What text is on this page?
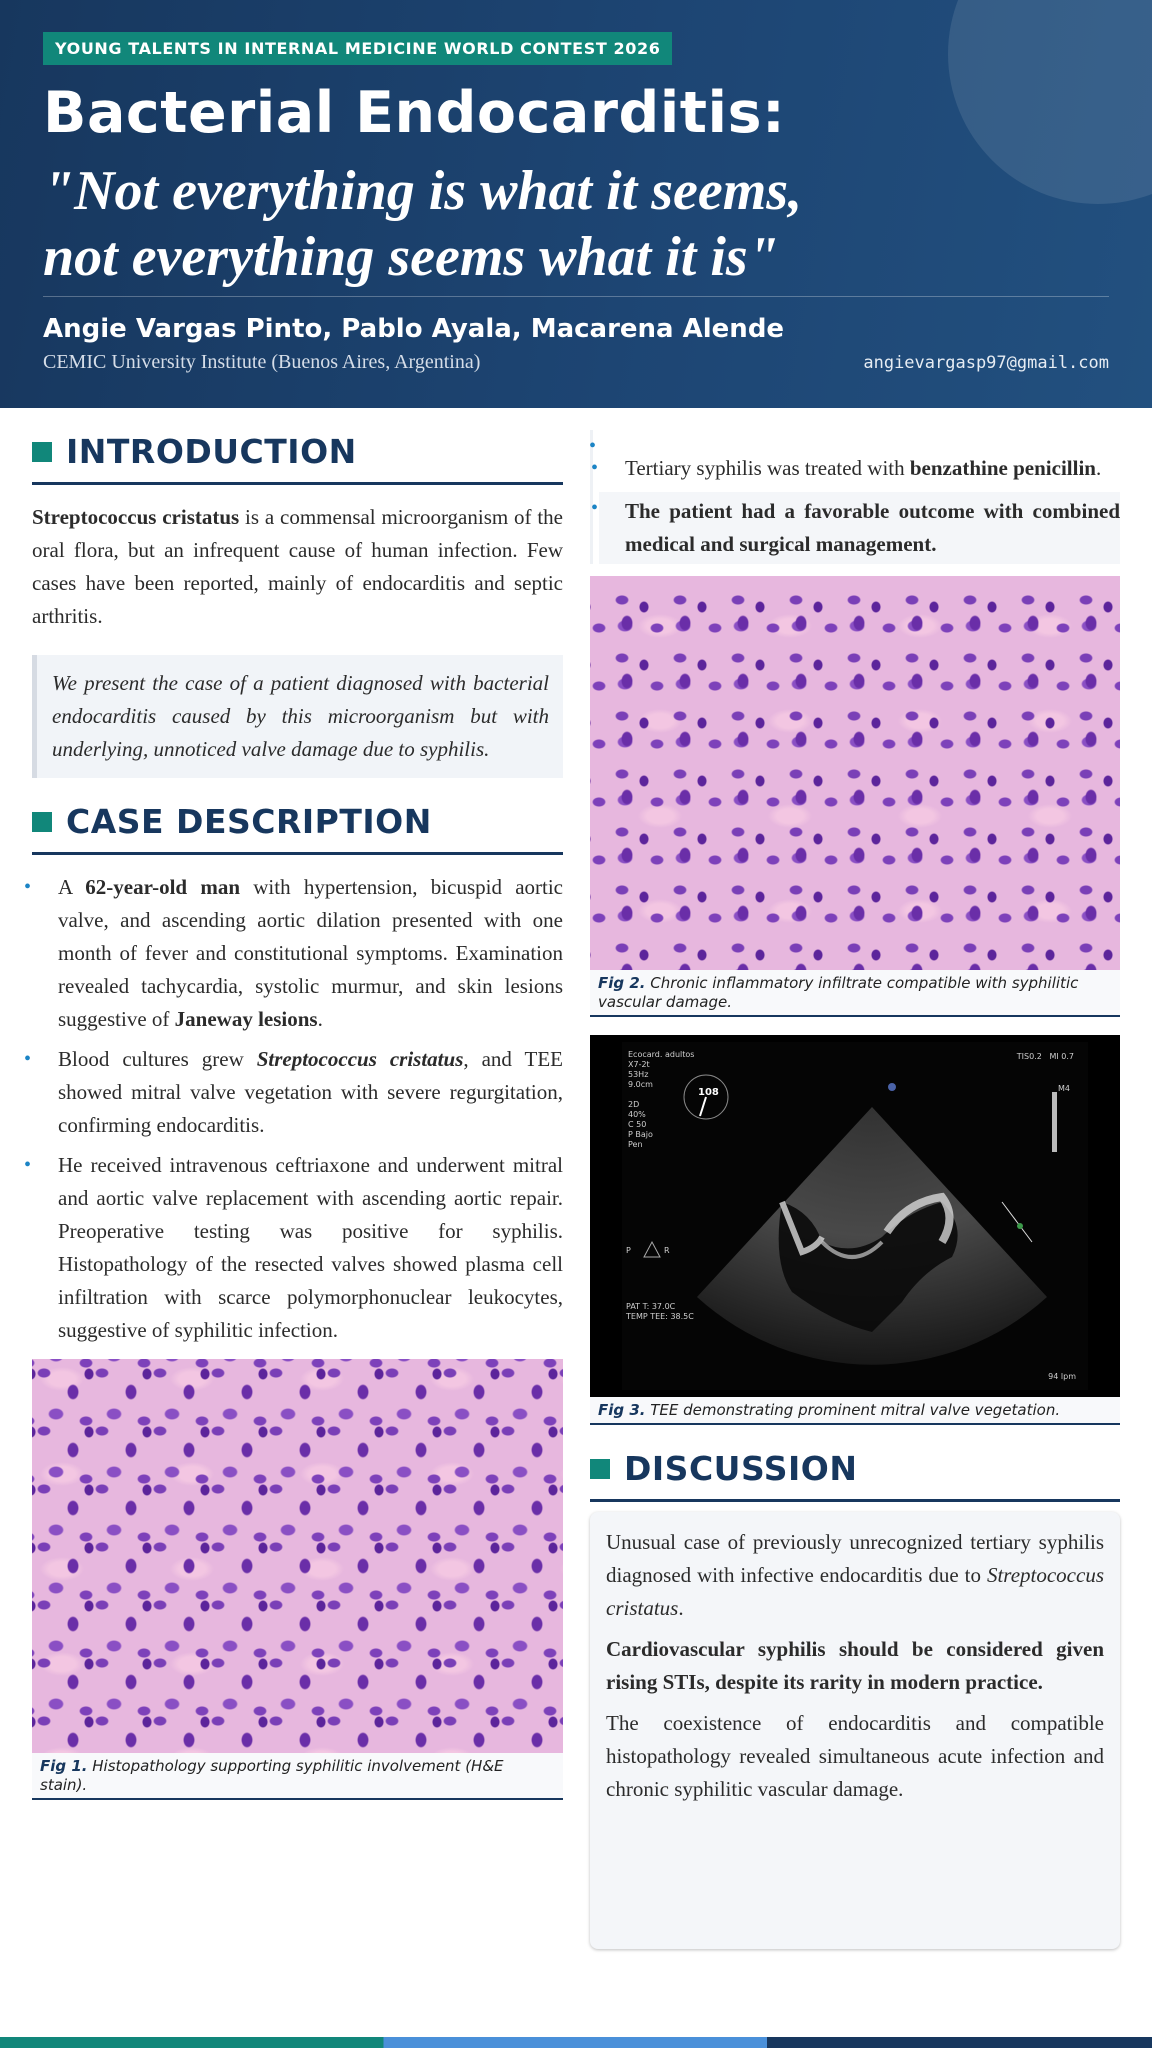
YOUNG TALENTS IN INTERNAL MEDICINE WORLD CONTEST 2026
Bacterial Endocarditis:
"Not everything is what it seems,
not everything seems what it is"
Angie Vargas Pinto, Pablo Ayala, Macarena Alende
CEMIC University Institute (Buenos Aires, Argentina)	angievargasp97@gmail.com
INTRODUCTION

Streptococcus cristatus is a commensal microorganism of the oral flora, but an infrequent cause of human infection. Few cases have been reported, mainly of endocarditis and septic arthritis.

We present the case of a patient diagnosed with bacterial endocarditis caused by this microorganism but with underlying, unnoticed valve damage due to syphilis.
CASE DESCRIPTION
• A 62-year-old man with hypertension, bicuspid aortic valve, and ascending aortic dilation presented with one month of fever and constitutional symptoms. Examination revealed tachycardia, systolic murmur, and skin lesions suggestive of Janeway lesions.
• Blood cultures grew Streptococcus cristatus, and TEE showed mitral valve vegetation with severe regurgitation, confirming endocarditis.
• He received intravenous ceftriaxone and underwent mitral and aortic valve replacement with ascending aortic repair. Preoperative testing was positive for syphilis. Histopathology of the resected valves showed plasma cell infiltration with scarce polymorphonuclear leukocytes, suggestive of syphilitic infection.
Fig 1. Histopathology supporting syphilitic involvement (H&E stain).
•

• Tertiary syphilis was treated with benzathine penicillin.
• The patient had a favorable outcome with combined medical and surgical management.
Fig 2. Chronic inflammatory infiltrate compatible with syphilitic vascular damage.
Ecocard. adultos
X7-2t
53Hz
9.0cm

2D
40%
C 50
P Bajo
Pen
TIS0.2   MI 0.7
M4
108
PAT T: 37.0C
TEMP TEE: 38.5C
94 lpm
P	R
Fig 3. TEE demonstrating prominent mitral valve vegetation.
DISCUSSION

Unusual case of previously unrecognized tertiary syphilis diagnosed with infective endocarditis due to Streptococcus cristatus.

Cardiovascular syphilis should be considered given rising STIs, despite its rarity in modern practice.

The coexistence of endocarditis and compatible histopathology revealed simultaneous acute infection and chronic syphilitic vascular damage.
